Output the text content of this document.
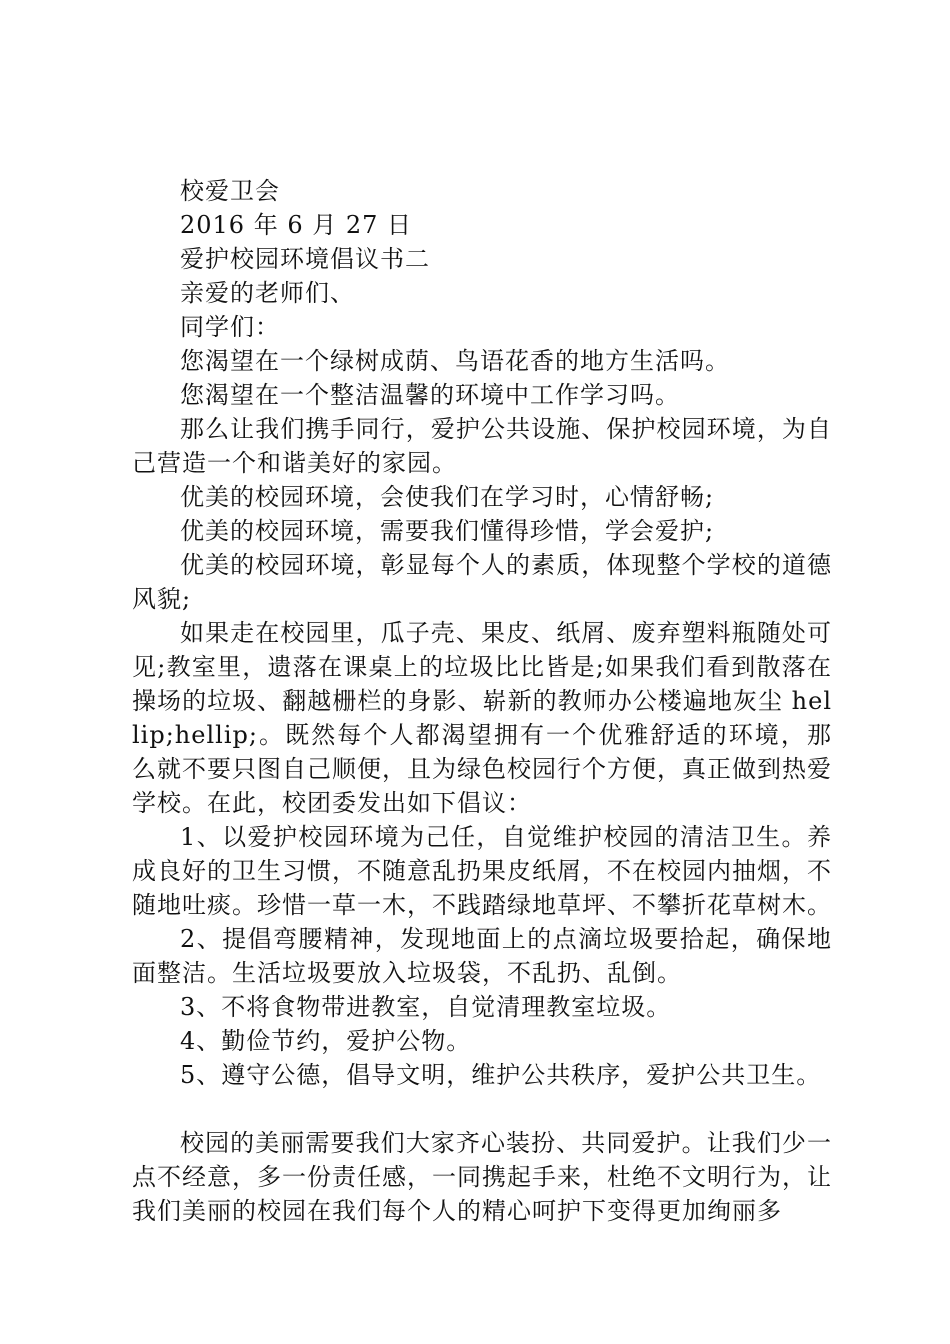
校爱卫会

2016 年 6 月 27 日

爱护校园环境倡议书二

亲爱的老师们、

同学们：

您渴望在一个绿树成荫、鸟语花香的地方生活吗。

您渴望在一个整洁温馨的环境中工作学习吗。

那么让我们携手同行，爱护公共设施、保护校园环境，为自己营造一个和谐美好的家园。

优美的校园环境，会使我们在学习时，心情舒畅;

优美的校园环境，需要我们懂得珍惜，学会爱护;

优美的校园环境，彰显每个人的素质，体现整个学校的道德风貌;

如果走在校园里，瓜子壳、果皮、纸屑、废弃塑料瓶随处可见;教室里，遗落在课桌上的垃圾比比皆是;如果我们看到散落在操场的垃圾、翻越栅栏的身影、崭新的教师办公楼遍地灰尘 hellip;hellip;。既然每个人都渴望拥有一个优雅舒适的环境，那么就不要只图自己顺便，且为绿色校园行个方便，真正做到热爱学校。在此，校团委发出如下倡议：

1、以爱护校园环境为己任，自觉维护校园的清洁卫生。养成良好的卫生习惯，不随意乱扔果皮纸屑，不在校园内抽烟，不随地吐痰。珍惜一草一木，不践踏绿地草坪、不攀折花草树木。

2、提倡弯腰精神，发现地面上的点滴垃圾要拾起，确保地面整洁。生活垃圾要放入垃圾袋，不乱扔、乱倒。

3、不将食物带进教室，自觉清理教室垃圾。

4、勤俭节约，爱护公物。

5、遵守公德，倡导文明，维护公共秩序，爱护公共卫生。

校园的美丽需要我们大家齐心装扮、共同爱护。让我们少一点不经意，多一份责任感，一同携起手来，杜绝不文明行为，让我们美丽的校园在我们每个人的精心呵护下变得更加绚丽多
